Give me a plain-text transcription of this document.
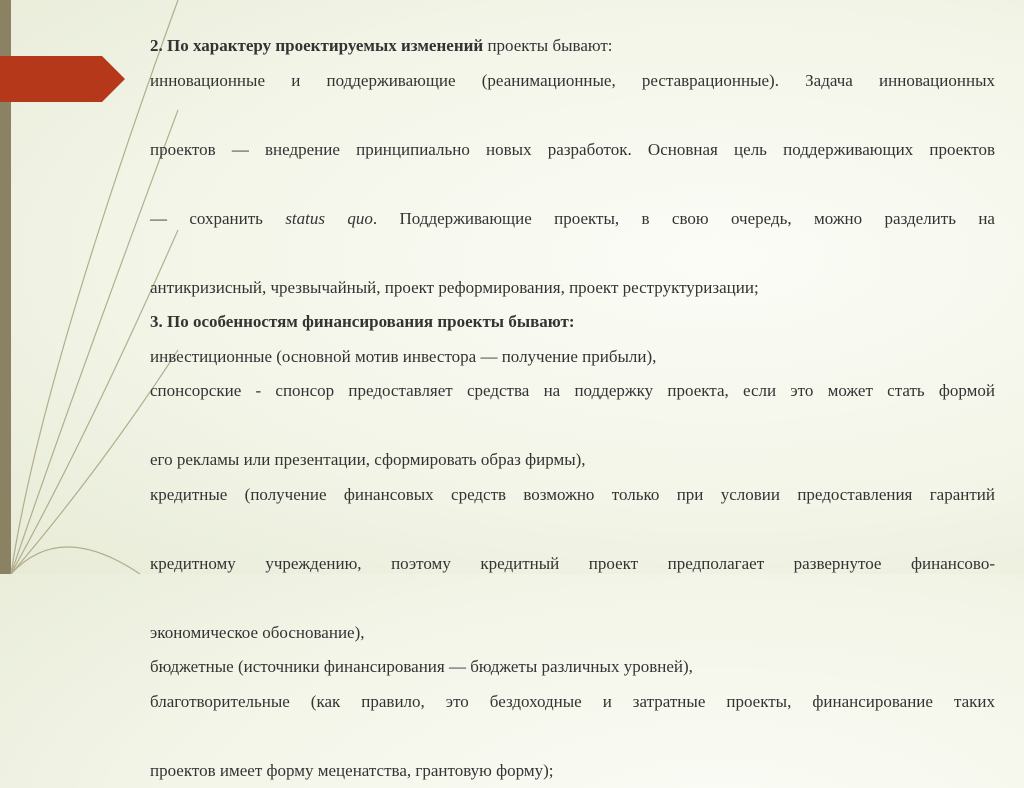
2. По характеру проектируемых изменений проекты бывают:

инновационные и поддерживающие (реанимационные, реставрационные). Задача инновационных

проектов — внедрение принципиально новых разработок. Основная цель поддерживающих проектов

— сохранить status quo. Поддерживающие проекты, в свою очередь, можно разделить на

антикризисный, чрезвычайный, проект реформирования, проект реструктуризации;

3. По особенностям финансирования проекты бывают:

инвестиционные (основной мотив инвестора — получение прибыли),

спонсорские - спонсор предоставляет средства на поддержку проекта, если это может стать формой

его рекламы или презентации, сформировать образ фирмы),

кредитные (получение финансовых средств возможно только при условии предоставления гарантий

кредитному учреждению, поэтому кредитный проект предполагает развернутое финансово-

экономическое обоснование),

бюджетные (источники финансирования — бюджеты различных уровней),

благотворительные (как правило, это бездоходные и затратные проекты, финансирование таких

проектов имеет форму меценатства, грантовую форму);
